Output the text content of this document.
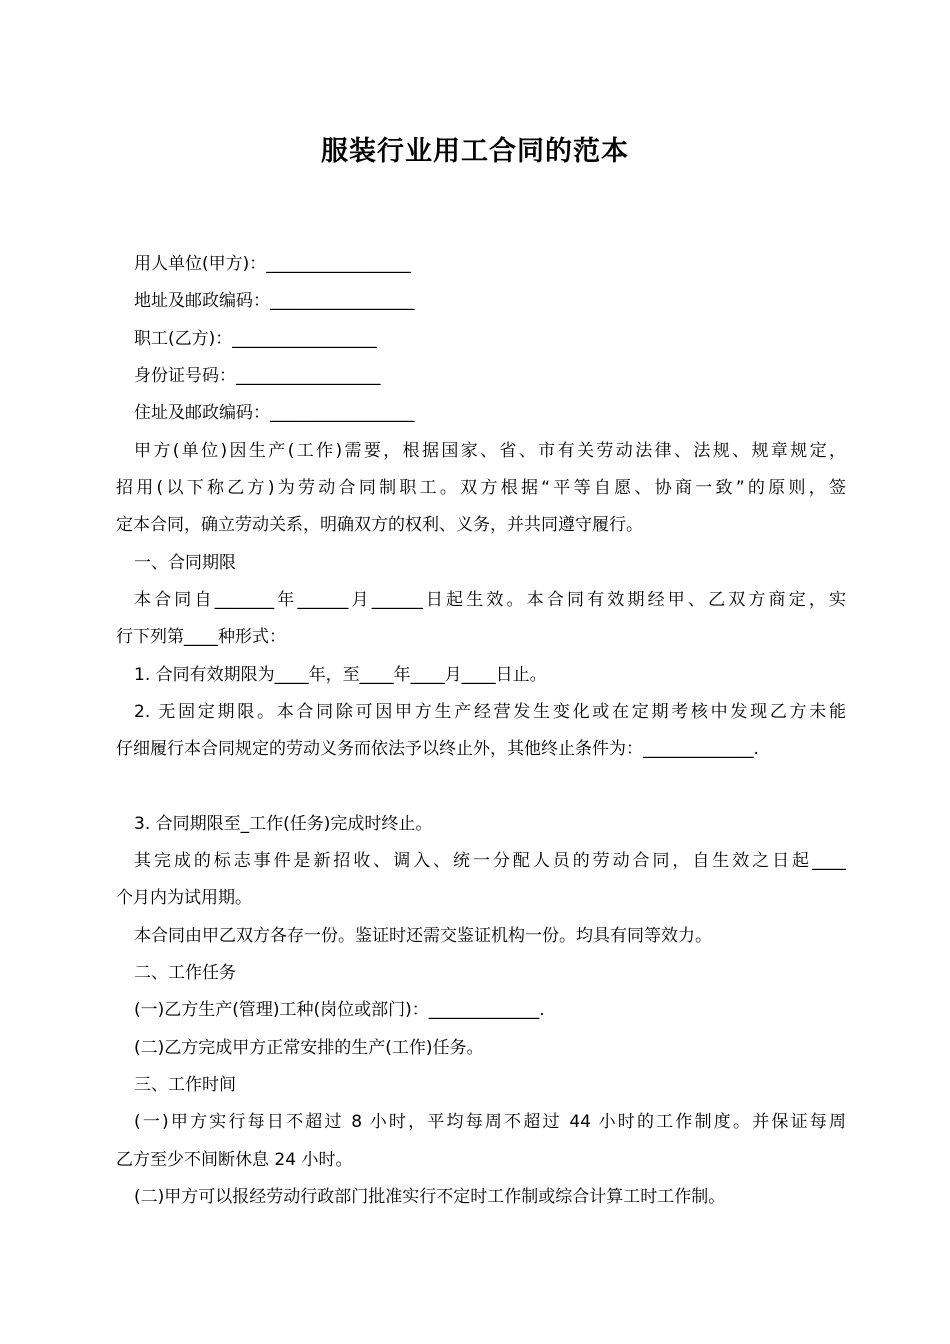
服装行业用工合同的范本
用人单位(甲方)：_________________
地址及邮政编码：_________________
职工(乙方)：_________________
身份证号码：_________________
住址及邮政编码：_________________
甲方(单位)因生产(工作)需要，根据国家、省、市有关劳动法律、法规、规章规定，
招用(以下称乙方)为劳动合同制职工。双方根据“平等自愿、协商一致”的原则，签
定本合同，确立劳动关系，明确双方的权利、义务，并共同遵守履行。
一、合同期限
本合同自_______年______月______日起生效。本合同有效期经甲、乙双方商定，实
行下列第____种形式：
1. 合同有效期限为____年，至____年____月____日止。
2. 无固定期限。本合同除可因甲方生产经营发生变化或在定期考核中发现乙方未能
仔细履行本合同规定的劳动义务而依法予以终止外，其他终止条件为：_____________.
3. 合同期限至_工作(任务)完成时终止。
其完成的标志事件是新招收、调入、统一分配人员的劳动合同，自生效之日起____
个月内为试用期。
本合同由甲乙双方各存一份。鉴证时还需交鉴证机构一份。均具有同等效力。
二、工作任务
(一)乙方生产(管理)工种(岗位或部门)：_____________.
(二)乙方完成甲方正常安排的生产(工作)任务。
三、工作时间
(一)甲方实行每日不超过 8 小时，平均每周不超过 44 小时的工作制度。并保证每周
乙方至少不间断休息 24 小时。
(二)甲方可以报经劳动行政部门批准实行不定时工作制或综合计算工时工作制。
